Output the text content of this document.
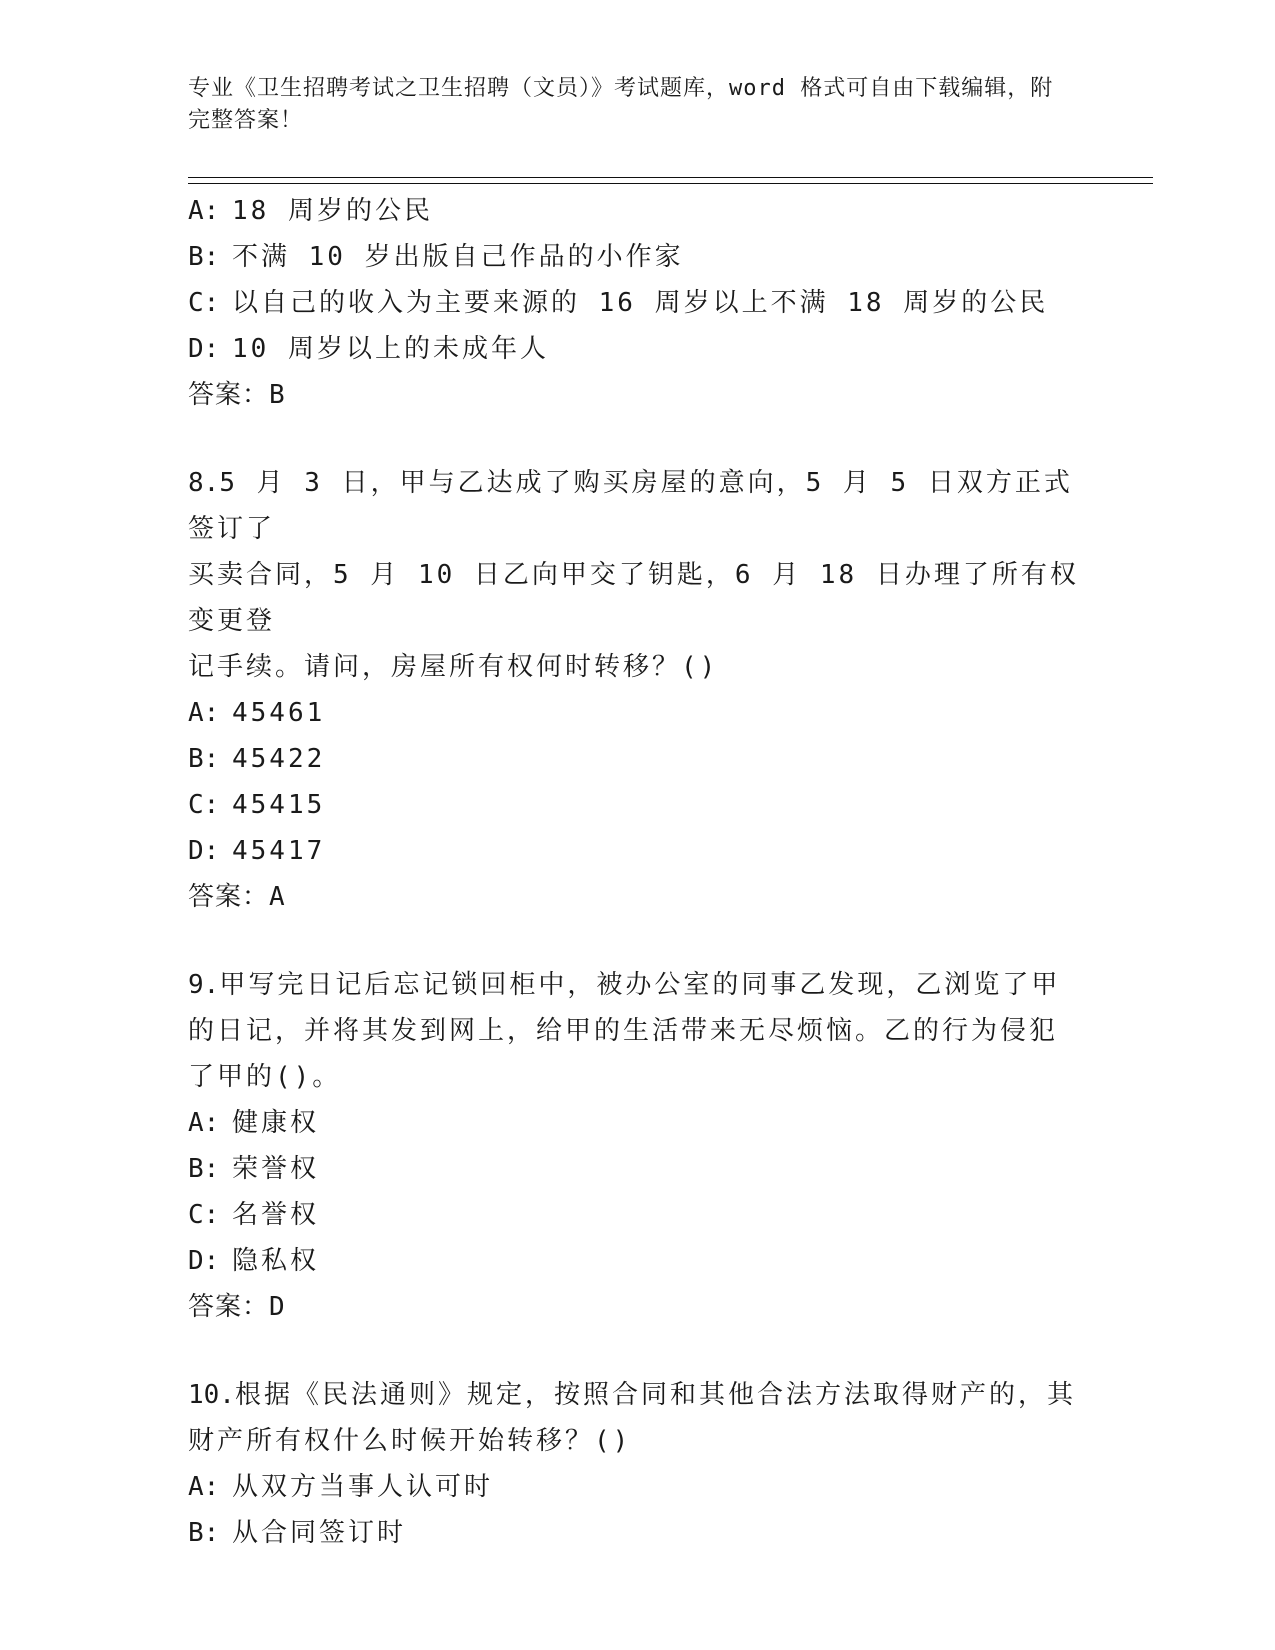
专业《卫生招聘考试之卫生招聘（文员）》考试题库，word 格式可自由下载编辑，附完整答案！
A: 18 周岁的公民
B: 不满 10 岁出版自己作品的小作家
C: 以自己的收入为主要来源的 16 周岁以上不满 18 周岁的公民
D: 10 周岁以上的未成年人
答案：B
8.5 月 3 日，甲与乙达成了购买房屋的意向，5 月 5 日双方正式签订了
买卖合同，5 月 10 日乙向甲交了钥匙，6 月 18 日办理了所有权变更登
记手续。请问，房屋所有权何时转移？()
A: 45461
B: 45422
C: 45415
D: 45417
答案：A
9.甲写完日记后忘记锁回柜中，被办公室的同事乙发现，乙浏览了甲
的日记，并将其发到网上，给甲的生活带来无尽烦恼。乙的行为侵犯
了甲的()。
A: 健康权
B: 荣誉权
C: 名誉权
D: 隐私权
答案：D
10.根据《民法通则》规定，按照合同和其他合法方法取得财产的，其
财产所有权什么时候开始转移？()
A: 从双方当事人认可时
B: 从合同签订时
